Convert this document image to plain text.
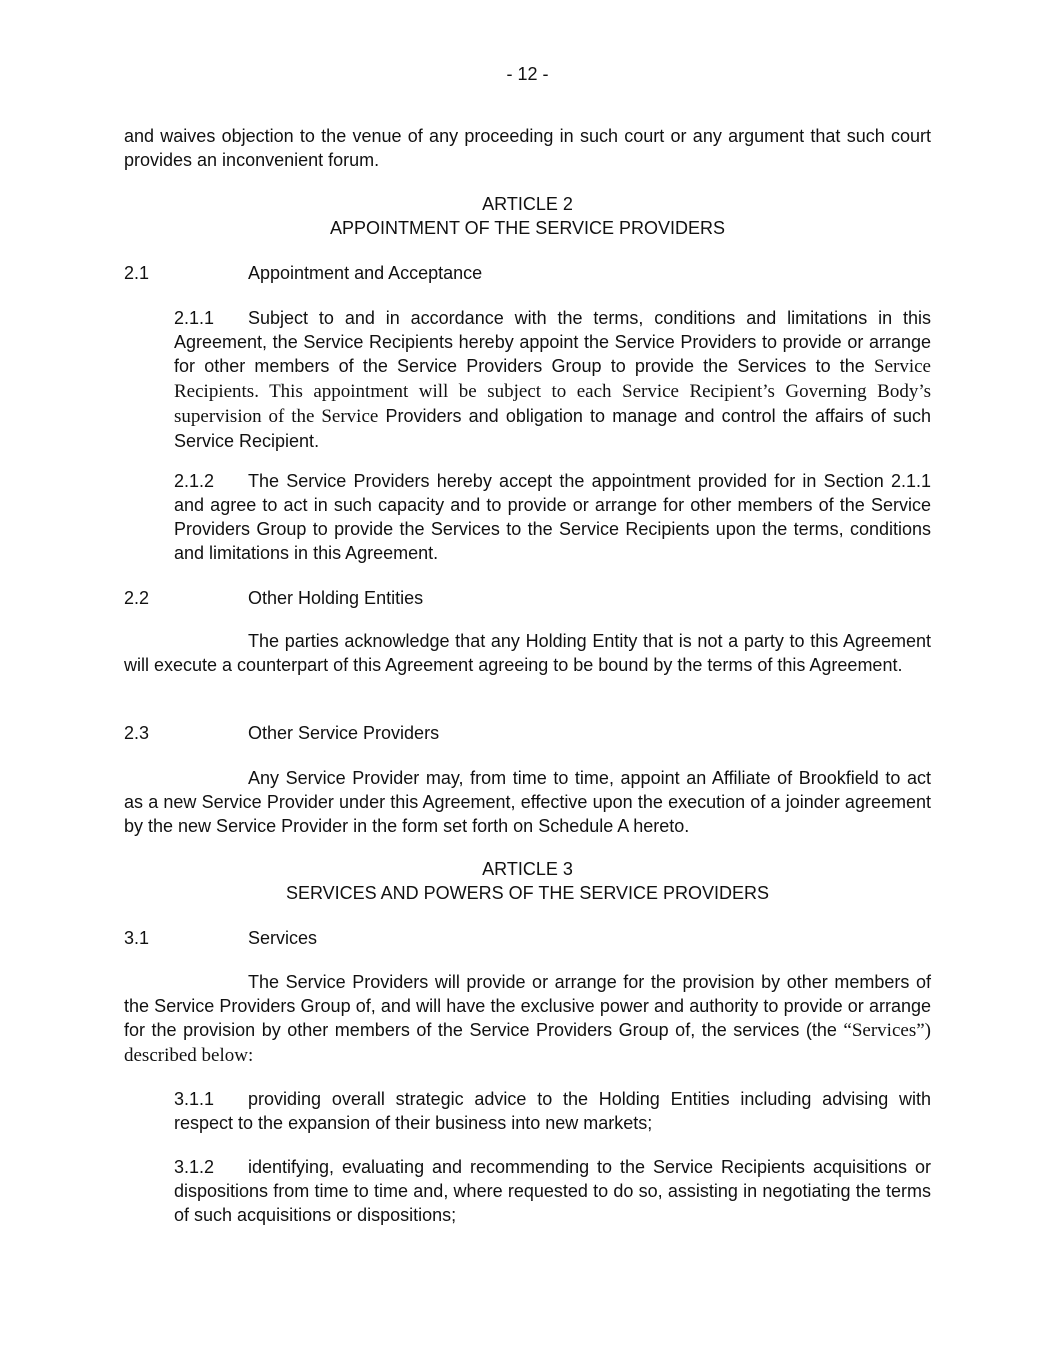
- 12 -

and waives objection to the venue of any proceeding in such court or any argument that such court provides an inconvenient forum.

ARTICLE 2
APPOINTMENT OF THE SERVICE PROVIDERS
2.1	Appointment and Acceptance

2.1.1 Subject to and in accordance with the terms, conditions and limitations in this Agreement, the Service Recipients hereby appoint the Service Providers to provide or arrange for other members of the Service Providers Group to provide the Services to the Service Recipients. This appointment will be subject to each Service Recipient’s Governing Body’s supervision of the Service Providers and obligation to manage and control the affairs of such Service Recipient.

2.1.2 The Service Providers hereby accept the appointment provided for in Section 2.1.1 and agree to act in such capacity and to provide or arrange for other members of the Service Providers Group to provide the Services to the Service Recipients upon the terms, conditions and limitations in this Agreement.

2.2	Other Holding Entities

The parties acknowledge that any Holding Entity that is not a party to this Agreement will execute a counterpart of this Agreement agreeing to be bound by the terms of this Agreement.

2.3	Other Service Providers

Any Service Provider may, from time to time, appoint an Affiliate of Brookfield to act as a new Service Provider under this Agreement, effective upon the execution of a joinder agreement by the new Service Provider in the form set forth on Schedule A hereto.

ARTICLE 3
SERVICES AND POWERS OF THE SERVICE PROVIDERS
3.1	Services

The Service Providers will provide or arrange for the provision by other members of the Service Providers Group of, and will have the exclusive power and authority to provide or arrange for the provision by other members of the Service Providers Group of, the services (the “Services”) described below:

3.1.1 providing overall strategic advice to the Holding Entities including advising with respect to the expansion of their business into new markets;

3.1.2 identifying, evaluating and recommending to the Service Recipients acquisitions or dispositions from time to time and, where requested to do so, assisting in negotiating the terms of such acquisitions or dispositions;
